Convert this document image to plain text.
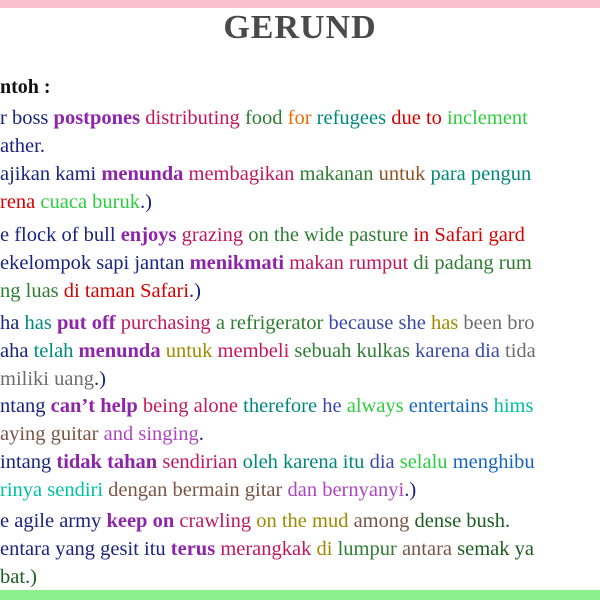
GERUND
ntoh :
r boss postpones distributing food for refugees due to inclement
ather.
ajikan kami menunda membagikan makanan untuk para pengun
rena cuaca buruk.)
e flock of bull enjoys grazing on the wide pasture in Safari gard
ekelompok sapi jantan menikmati makan rumput di padang rum
ng luas di taman Safari.)
ha has put off purchasing a refrigerator because she has been bro
aha telah menunda untuk membeli sebuah kulkas karena dia tida
miliki uang.)
ntang can’t help being alone therefore he always entertains hims
aying guitar and singing.
intang tidak tahan sendirian oleh karena itu dia selalu menghibu
rinya sendiri dengan bermain gitar dan bernyanyi.)
e agile army keep on crawling on the mud among dense bush.
entara yang gesit itu terus merangkak di lumpur antara semak ya
bat.)
